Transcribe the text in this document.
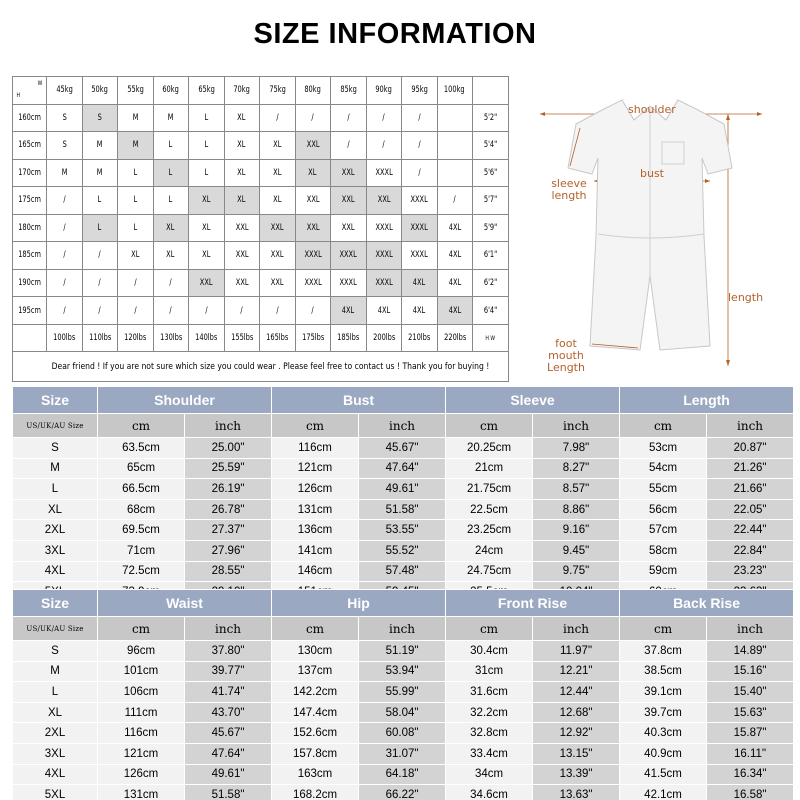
SIZE INFORMATION
H
W	45kg	50kg	55kg	60kg	65kg	70kg	75kg	80kg	85kg	90kg	95kg	100kg	
160cm	S	S	M	M	L	XL	/	/	/	/	/		5'2"
165cm	S	M	M	L	L	XL	XL	XXL	/	/	/		5'4"
170cm	M	M	L	L	L	XL	XL	XL	XXL	XXXL	/		5'6"
175cm	/	L	L	L	XL	XL	XL	XXL	XXL	XXL	XXXL	/	5'7"
180cm	/	L	L	XL	XL	XXL	XXL	XXL	XXL	XXXL	XXXL	4XL	5'9"
185cm	/	/	XL	XL	XL	XXL	XXL	XXXL	XXXL	XXXL	XXXL	4XL	6'1"
190cm	/	/	/	/	XXL	XXL	XXL	XXXL	XXXL	XXXL	4XL	4XL	6'2"
195cm	/	/	/	/	/	/	/	/	4XL	4XL	4XL	4XL	6'4"
	100lbs	110lbs	120lbs	130lbs	140lbs	155lbs	165lbs	175lbs	185lbs	200lbs	210lbs	220lbs	H W
Dear friend ! If you are not sure which size you could wear . Please feel free to contact us ! Thank you for buying !													
shoulder
bust
sleeve length
length
foot mouth Length
Size	Shoulder		Bust		Sleeve		Length	
US/UK/AU Size	cm	inch	cm	inch	cm	inch	cm	inch
S	63.5cm	25.00"	116cm	45.67"	20.25cm	7.98"	53cm	20.87"
M	65cm	25.59"	121cm	47.64"	21cm	8.27"	54cm	21.26"
L	66.5cm	26.19"	126cm	49.61"	21.75cm	8.57"	55cm	21.66"
XL	68cm	26.78"	131cm	51.58"	22.5cm	8.86"	56cm	22.05"
2XL	69.5cm	27.37"	136cm	53.55"	23.25cm	9.16"	57cm	22.44"
3XL	71cm	27.96"	141cm	55.52"	24cm	9.45"	58cm	22.84"
4XL	72.5cm	28.55"	146cm	57.48"	24.75cm	9.75"	59cm	23.23"

Size	Waist		Hip		Front Rise		Back Rise	
US/UK/AU Size	cm	inch	cm	inch	cm	inch	cm	inch
S	96cm	37.80"	130cm	51.19"	30.4cm	11.97"	37.8cm	14.89"
M	101cm	39.77"	137cm	53.94"	31cm	12.21"	38.5cm	15.16"
L	106cm	41.74"	142.2cm	55.99"	31.6cm	12.44"	39.1cm	15.40"
XL	111cm	43.70"	147.4cm	58.04"	32.2cm	12.68"	39.7cm	15.63"
2XL	116cm	45.67"	152.6cm	60.08"	32.8cm	12.92"	40.3cm	15.87"
3XL	121cm	47.64"	157.8cm	31.07"	33.4cm	13.15"	40.9cm	16.11"
4XL	126cm	49.61"	163cm	64.18"	34cm	13.39"	41.5cm	16.34"
5XL	131cm	51.58"	168.2cm	66.22"	34.6cm	13.63"	42.1cm	16.58"
